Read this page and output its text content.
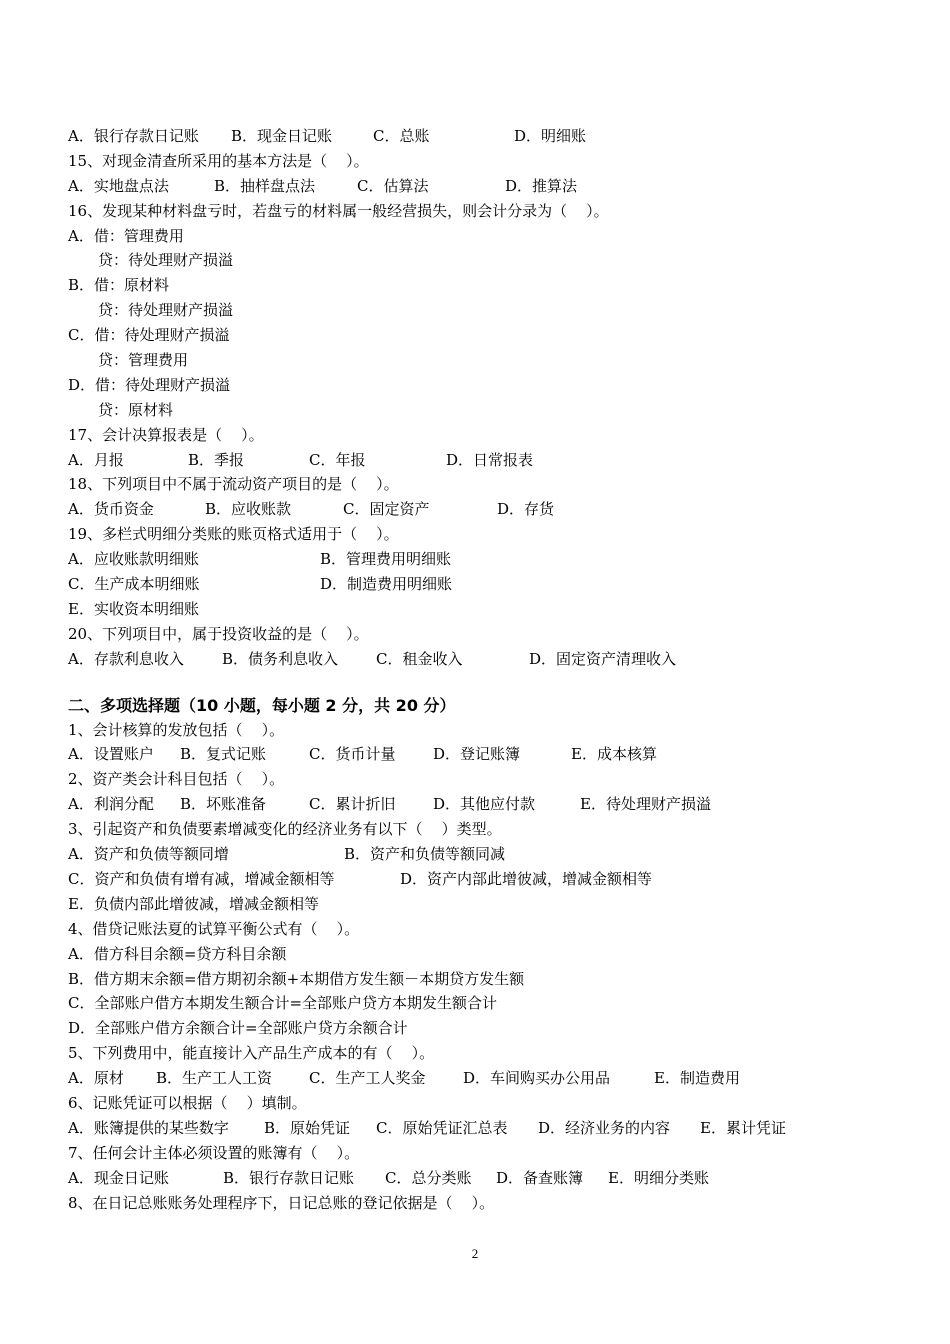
A．银行存款日记账 B．现金日记账	C．总账	D．明细账
15、对现金清查所采用的基本方法是（    ）。
A．实地盘点法	B．抽样盘点法	C．估算法	D．推算法
16、发现某种材料盘亏时，若盘亏的材料属一般经营损失，则会计分录为（    ）。
A．借：管理费用
贷：待处理财产损溢
B．借：原材料
贷：待处理财产损溢
C．借：待处理财产损溢
贷：管理费用
D．借：待处理财产损溢
贷：原材料
17、会计决算报表是（    ）。
A．月报	B．季报	C．年报	D．日常报表
18、下列项目中不属于流动资产项目的是（    ）。
A．货币资金	B．应收账款	C．固定资产	D．存货
19、多栏式明细分类账的账页格式适用于（    ）。
A．应收账款明细账	B．管理费用明细账
C．生产成本明细账	D．制造费用明细账
E．实收资本明细账
20、下列项目中，属于投资收益的是（    ）。
A．存款利息收入	B．债务利息收入	C．租金收入	D．固定资产清理收入
二、多项选择题（10 小题，每小题 2 分，共 20 分）
1、会计核算的发放包括（    ）。
A．设置账户 B．复式记账	C．货币计量	D．登记账簿	E．成本核算
2、资产类会计科目包括（    ）。
A．利润分配 B．坏账准备	C．累计折旧	D．其他应付款	E．待处理财产损溢
3、引起资产和负债要素增减变化的经济业务有以下（    ）类型。
A．资产和负债等额同增	B．资产和负债等额同减
C．资产和负债有增有减，增减金额相等	D．资产内部此增彼减，增减金额相等
E．负债内部此增彼减，增减金额相等
4、借贷记账法夏的试算平衡公式有（    ）。
A．借方科目余额=贷方科目余额
B．借方期末余额=借方期初余额+本期借方发生额－本期贷方发生额
C．全部账户借方本期发生额合计=全部账户贷方本期发生额合计
D．全部账户借方余额合计=全部账户贷方余额合计
5、下列费用中，能直接计入产品生产成本的有（    ）。
A．原材 B．生产工人工资 C．生产工人奖金	D．车间购买办公用品	E．制造费用
6、记账凭证可以根据（    ）填制。
A．账簿提供的某些数字 B．原始凭证 C．原始凭证汇总表 D．经济业务的内容 E．累计凭证
7、任何会计主体必须设置的账簿有（    ）。
A．现金日记账	B．银行存款日记账 C．总分类账 D．备查账簿 E．明细分类账
8、在日记总账账务处理程序下，日记总账的登记依据是（    ）。
2
